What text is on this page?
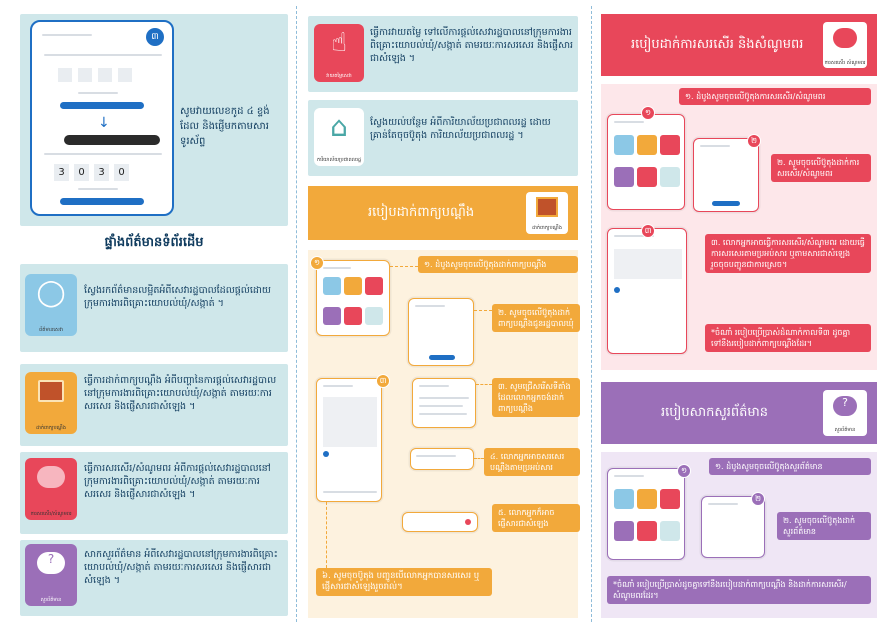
៣
↓
3	0	3	0
សូមវាយលេខកូដ ៤ ខ្ទង់ដែល និងផ្ញើមកតាមសារទូរស័ព្ទ
ផ្ទាំងព័ត៌មានទំព័រដើម
◯
ព័ត៌មានសេវា
ស្វែងរកព័ត៌មានលម្អិតអំពីសេវារដ្ឋបាលដែលផ្តល់ដោយក្រុមការងារពិគ្រោះយោបល់ឃុំ/សង្កាត់ ។
ដាក់ពាក្យបណ្តឹង
ធ្វើការដាក់ពាក្យបណ្តឹង អំពីបញ្ហានៃការផ្តល់សេវារដ្ឋបាលនៅក្រុមការងារពិគ្រោះយោបល់ឃុំ/សង្កាត់ តាមរយៈការសរសេរ និងផ្ញើសារជាសំឡេង ។
ការសរសើរ/សំណូមពរ
ធ្វើការសរសើរ/សំណូមពរ អំពីការផ្តល់សេវារដ្ឋបាលនៅក្រុមការងារពិគ្រោះយោបល់ឃុំ/សង្កាត់ តាមរយៈការសរសេរ និងផ្ញើសារជាសំឡេង ។
?
សួរព័ត៌មាន
សាកសួរព័ត៌មាន អំពីសេវារដ្ឋបាលនៅក្រុមការងារពិគ្រោះយោបល់ឃុំ/សង្កាត់ តាមរយៈការសរសេរ និងផ្ញើសារជាសំឡេង ។
☝
វាយតម្លៃសេវា
ធ្វើការវាយតម្លៃ ទៅលើការផ្តល់សេវារដ្ឋបាលនៅក្រុមការងារពិគ្រោះយោបល់ឃុំ/សង្កាត់ តាមរយៈការសរសេរ និងផ្ញើសារជាសំឡេង ។
⌂
ការិយាល័យប្រជាពលរដ្ឋ
ស្វែងយល់បន្ថែម អំពីការិយាល័យប្រជាពលរដ្ឋ ដោយគ្រាន់តែចុចប៊ូតុង ការិយាល័យប្រជាពលរដ្ឋ ។
របៀបដាក់ពាក្យបណ្តឹង
ដាក់ពាក្យបណ្តឹង
១	១. ដំបូងសូមចុចលើប៊ូតុងដាក់ពាក្យបណ្តឹង
២. សូមចុចលើប៊ូតុងដាក់ពាក្យបណ្តឹងជូនរដ្ឋបាលឃុំ
៣
៣. សូមជ្រើសរើសទីតាំងដែលលោកអ្នកចង់ដាក់ពាក្យបណ្តឹង
៤. លោកអ្នកអាចសរសេរបណ្តឹងតាមប្រអប់សារ
៥. លោកអ្នកក៏អាចផ្ញើសារជាសំឡេង
៦. សូមចុចប៊ូតុង បញ្ជូនបើលោកអ្នកបានសរសេរ ឬផ្ញើសារជាសំឡេងរួចរាល់។
របៀបដាក់ការសរសើរ និងសំណូមពរ
ការសរសើរ សំណូមពរ
១. ដំបូងសូមចុចលើប៊ូតុងការសរសើរ/សំណូមពរ
១
២
២. សូមចុចលើប៊ូតុងដាក់ការសរសើរ/សំណូមពរ
៣
៣. លោកអ្នកអាចធ្វើការសរសើរ/សំណូមពរ ដោយធ្វើការសរសេរតាមប្រអប់សារ ឬតាមសារជាសំឡេង រួចចុចបញ្ជូនជាការស្រេច។
*ចំណាំ របៀបប្រើប្រាស់ដំណាក់កាលទី៣ ដូចគ្នាទៅនឹងរបៀបដាក់ពាក្យបណ្តឹងដែរ។
របៀបសាកសួរព័ត៌មាន
?
សួរព័ត៌មាន
១. ដំបូងសូមចុចលើប៊ូតុងសួរព័ត៌មាន
១
២
២. សូមចុចលើប៊ូតុងដាក់សួរព័ត៌មាន
*ចំណាំ របៀបប្រើប្រាស់ដូចគ្នាទៅនឹងរបៀបដាក់ពាក្យបណ្តឹង និងដាក់ការសរសើរ/សំណូមពរដែរ។
